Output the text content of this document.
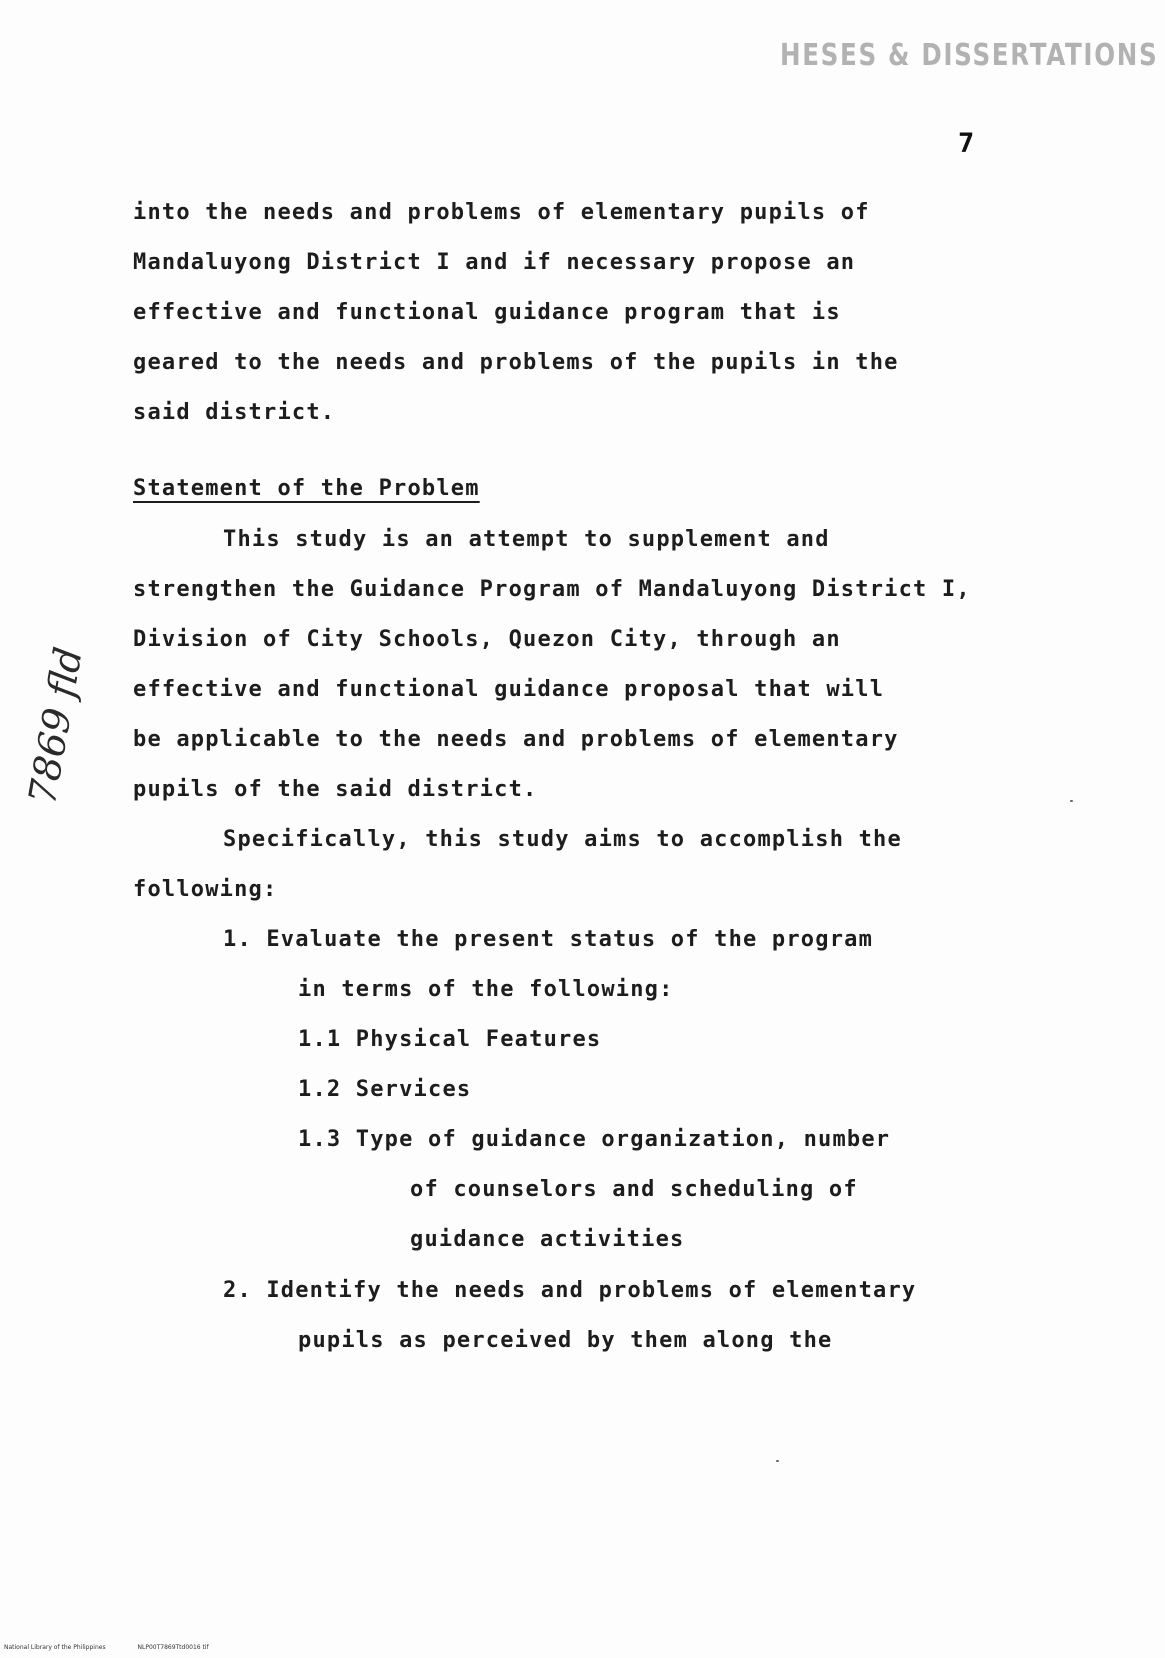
HESES & DISSERTATIONS
7
into the needs and problems of elementary pupils of
Mandaluyong District I and if necessary propose an
effective and functional guidance program that is
geared to the needs and problems of the pupils in the
said district.
Statement of the Problem
This study is an attempt to supplement and
strengthen the Guidance Program of Mandaluyong District I,
Division of City Schools, Quezon City, through an
effective and functional guidance proposal that will
be applicable to the needs and problems of elementary
pupils of the said district.
Specifically, this study aims to accomplish the
following:
1. Evaluate the present status of the program
in terms of the following:
1.1 Physical Features
1.2 Services
1.3 Type of guidance organization, number
of counselors and scheduling of
guidance activities
2. Identify the needs and problems of elementary
pupils as perceived by them along the
7869 fld
National Library of the Philippines	NLP00T7869Ttd0016 tif
